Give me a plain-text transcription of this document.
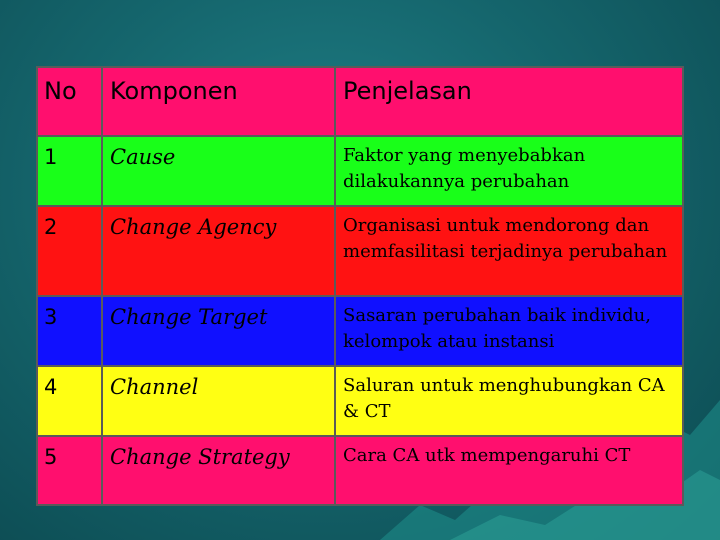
No	Komponen	Penjelasan
1	Cause	Faktor yang menyebabkan dilakukannya perubahan
2	Change Agency	Organisasi untuk mendorong dan memfasilitasi terjadinya perubahan
3	Change Target	Sasaran perubahan baik individu, kelompok atau instansi
4	Channel	Saluran untuk menghubungkan CA & CT
5	Change Strategy	Cara CA utk mempengaruhi CT
